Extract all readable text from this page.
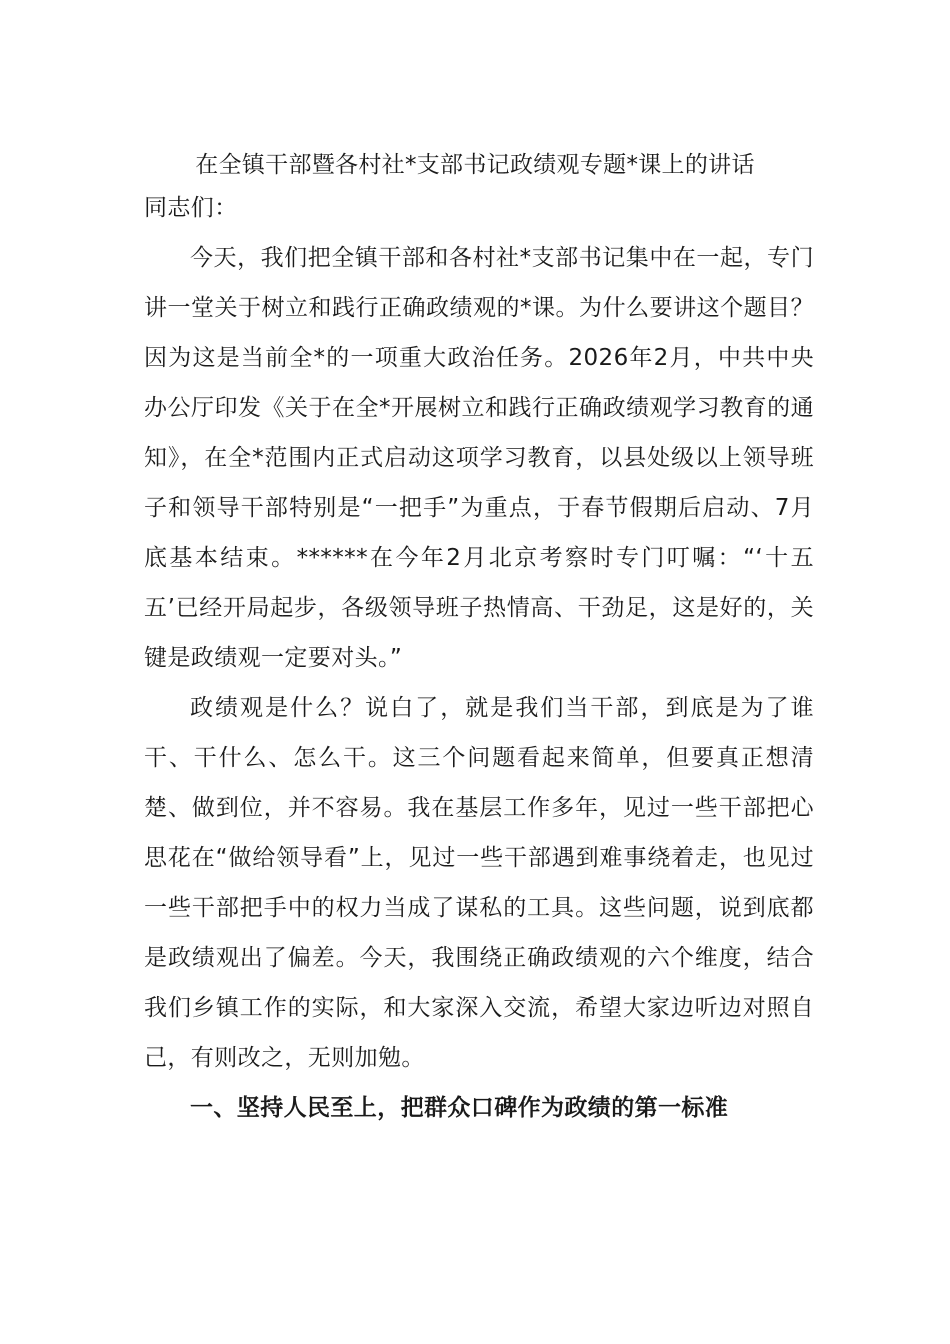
在全镇干部暨各村社*支部书记政绩观专题*课上的讲话

同志们：

今天，我们把全镇干部和各村社*支部书记集中在一起，专门讲一堂关于树立和践行正确政绩观的*课。为什么要讲这个题目？因为这是当前全*的一项重大政治任务。2026年2月，中共中央办公厅印发《关于在全*开展树立和践行正确政绩观学习教育的通知》，在全*范围内正式启动这项学习教育，以县处级以上领导班子和领导干部特别是“一把手”为重点，于春节假期后启动、7月底基本结束。******在今年2月北京考察时专门叮嘱：“‘十五五’已经开局起步，各级领导班子热情高、干劲足，这是好的，关键是政绩观一定要对头。”

政绩观是什么？说白了，就是我们当干部，到底是为了谁干、干什么、怎么干。这三个问题看起来简单，但要真正想清楚、做到位，并不容易。我在基层工作多年，见过一些干部把心思花在“做给领导看”上，见过一些干部遇到难事绕着走，也见过一些干部把手中的权力当成了谋私的工具。这些问题，说到底都是政绩观出了偏差。今天，我围绕正确政绩观的六个维度，结合我们乡镇工作的实际，和大家深入交流，希望大家边听边对照自己，有则改之，无则加勉。

一、坚持人民至上，把群众口碑作为政绩的第一标准
